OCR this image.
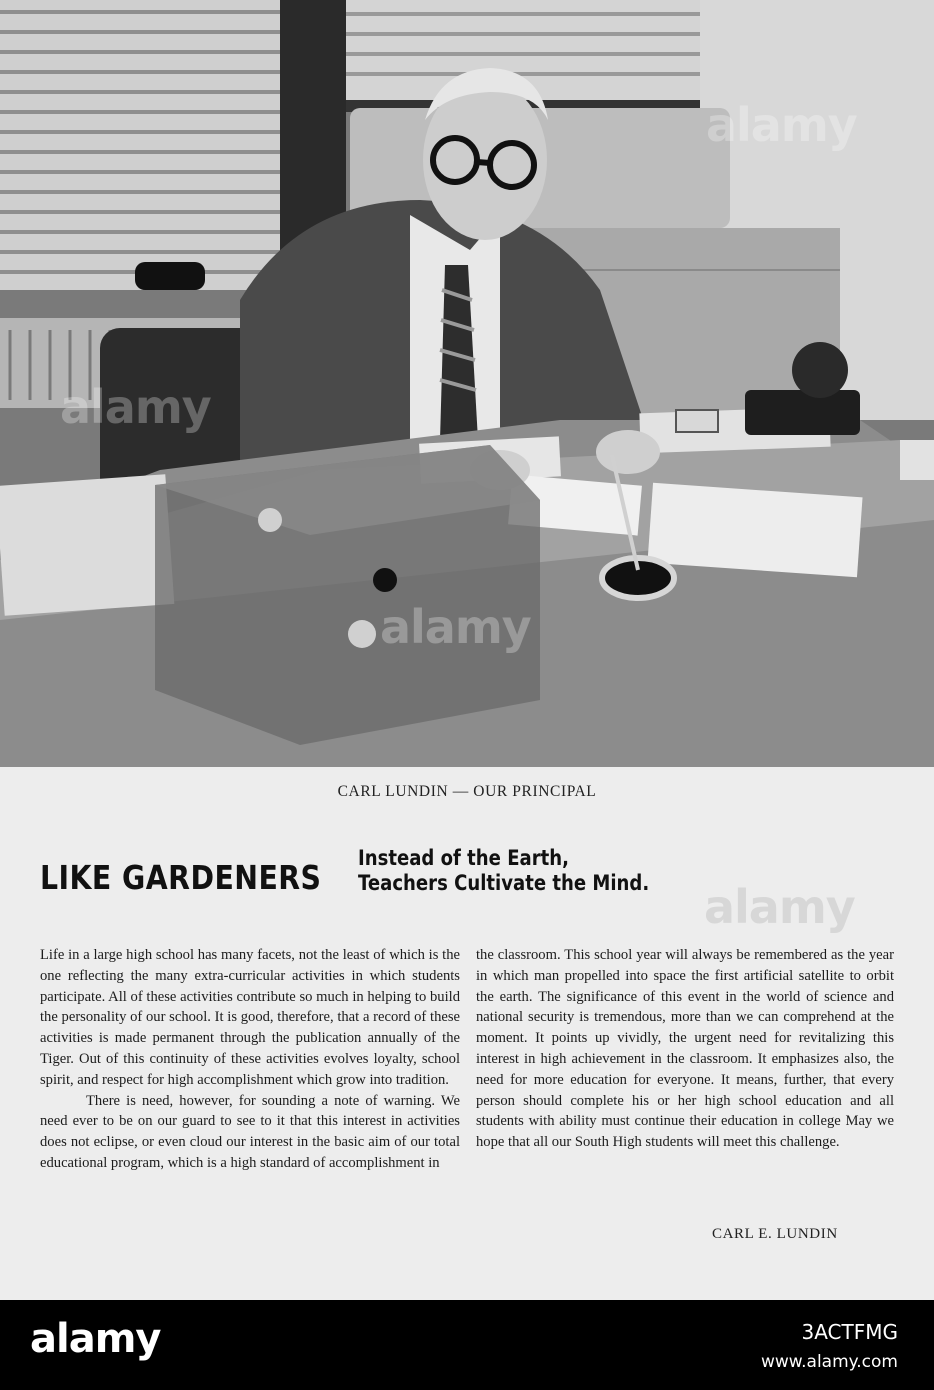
alamy
alamy
alamy
CARL LUNDIN — OUR PRINCIPAL
LIKE GARDENERS Instead of the Earth,
Teachers Cultivate the Mind. alamy

Life in a large high school has many facets, not the least of which is the one reflecting the many extra-curricular activities in which students participate. All of these activities contribute so much in helping to build the personality of our school. It is good, therefore, that a record of these activities is made permanent through the publication annually of the Tiger. Out of this continuity of these activities evolves loyalty, school spirit, and respect for high accomplishment which grow into tradition.

There is need, however, for sounding a note of warning. We need ever to be on our guard to see to it that this interest in activities does not eclipse, or even cloud our interest in the basic aim of our total educational program, which is a high standard of accomplishment in

the classroom. This school year will always be remembered as the year in which man propelled into space the first artificial satellite to orbit the earth. The significance of this event in the world of science and national security is tremendous, more than we can comprehend at the moment. It points up vividly, the urgent need for revitalizing this interest in high achievement in the classroom. It emphasizes also, the need for more education for everyone. It means, further, that every person should complete his or her high school education and all students with ability must continue their education in college May we hope that all our South High students will meet this challenge.

CARL E. LUNDIN
alamy	3ACTFMG
www.alamy.com
